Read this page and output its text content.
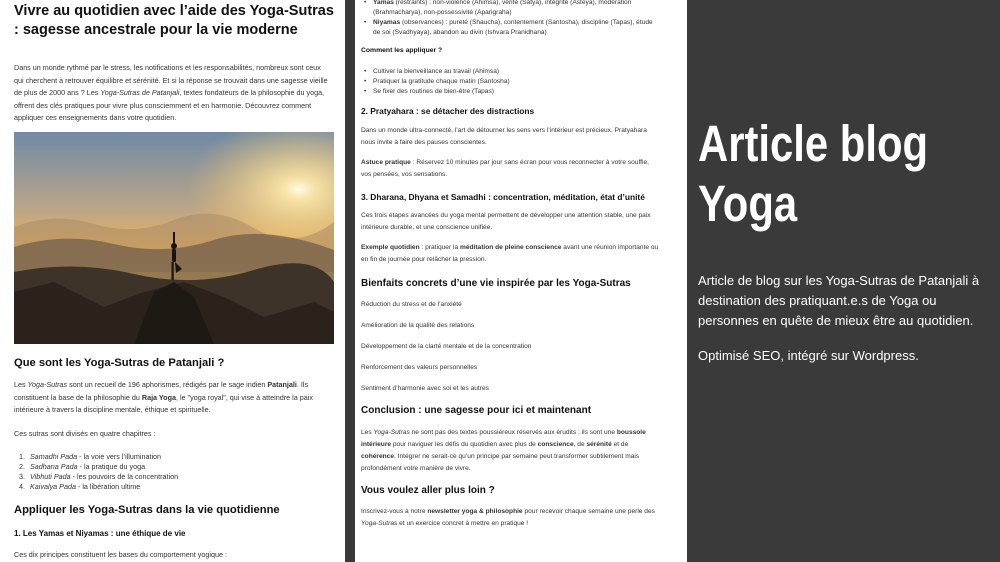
Vivre au quotidien avec l’aide des Yoga-Sutras : sagesse ancestrale pour la vie moderne

Dans un monde rythmé par le stress, les notifications et les responsabilités, nombreux sont ceux qui cherchent à retrouver équilibre et sérénité. Et si la réponse se trouvait dans une sagesse vieille de plus de 2000 ans ? Les Yoga-Sutras de Patanjali, textes fondateurs de la philosophie du yoga, offrent des clés pratiques pour vivre plus consciemment et en harmonie. Découvrez comment appliquer ces enseignements dans votre quotidien.

Que sont les Yoga-Sutras de Patanjali ?

Les Yoga-Sutras sont un recueil de 196 aphorismes, rédigés par le sage indien Patanjali. Ils constituent la base de la philosophie du Raja Yoga, le "yoga royal", qui vise à atteindre la paix intérieure à travers la discipline mentale, éthique et spirituelle.

Ces sutras sont divisés en quatre chapitres :

1. Samadhi Pada - la voie vers l’illumination
2. Sadhana Pada - la pratique du yoga
3. Vibhuti Pada - les pouvoirs de la concentration
4. Kaivalya Pada - la libération ultime
Appliquer les Yoga-Sutras dans la vie quotidienne
1. Les Yamas et Niyamas : une éthique de vie

Ces dix principes constituent les bases du comportement yogique :

• Yamas (restraints) : non-violence (Ahimsa), vérité (Satya), intégrité (Asteya), modération (Brahmacharya), non-possessivité (Aparigraha)
• Niyamas (observances) : pureté (Shaucha), contentement (Santosha), discipline (Tapas), étude de soi (Svadhyaya), abandon au divin (Ishvara Pranidhana)

Comment les appliquer ?

• Cultiver la bienveillance au travail (Ahimsa)
• Pratiquer la gratitude chaque matin (Santosha)
• Se fixer des routines de bien-être (Tapas)
2. Pratyahara : se détacher des distractions

Dans un monde ultra-connecté, l’art de détourner les sens vers l’intérieur est précieux. Pratyahara nous invite à faire des pauses conscientes.

Astuce pratique : Réservez 10 minutes par jour sans écran pour vous reconnecter à votre souffle, vos pensées, vos sensations.

3. Dharana, Dhyana et Samadhi : concentration, méditation, état d’unité

Ces trois étapes avancées du yoga mental permettent de développer une attention stable, une paix intérieure durable, et une conscience unifiée.

Exemple quotidien : pratiquer la méditation de pleine conscience avant une réunion importante ou en fin de journée pour relâcher la pression.

Bienfaits concrets d’une vie inspirée par les Yoga-Sutras

Réduction du stress et de l’anxiété

Amélioration de la qualité des relations

Développement de la clarté mentale et de la concentration

Renforcement des valeurs personnelles

Sentiment d’harmonie avec soi et les autres

Conclusion : une sagesse pour ici et maintenant

Les Yoga-Sutras ne sont pas des textes poussiéreux réservés aux érudits : ils sont une boussole intérieure pour naviguer les défis du quotidien avec plus de conscience, de sérénité et de cohérence. Intégrer ne serait-ce qu’un principe par semaine peut transformer subtilement mais profondément votre manière de vivre.

Vous voulez aller plus loin ?

Inscrivez-vous à notre newsletter yoga & philosophie pour recevoir chaque semaine une perle des Yoga-Sutras et un exercice concret à mettre en pratique !

Article blog
Yoga

Article de blog sur les Yoga-Sutras de Patanjali à destination des pratiquant.e.s de Yoga ou personnes en quête de mieux être au quotidien.

Optimisé SEO, intégré sur Wordpress.
